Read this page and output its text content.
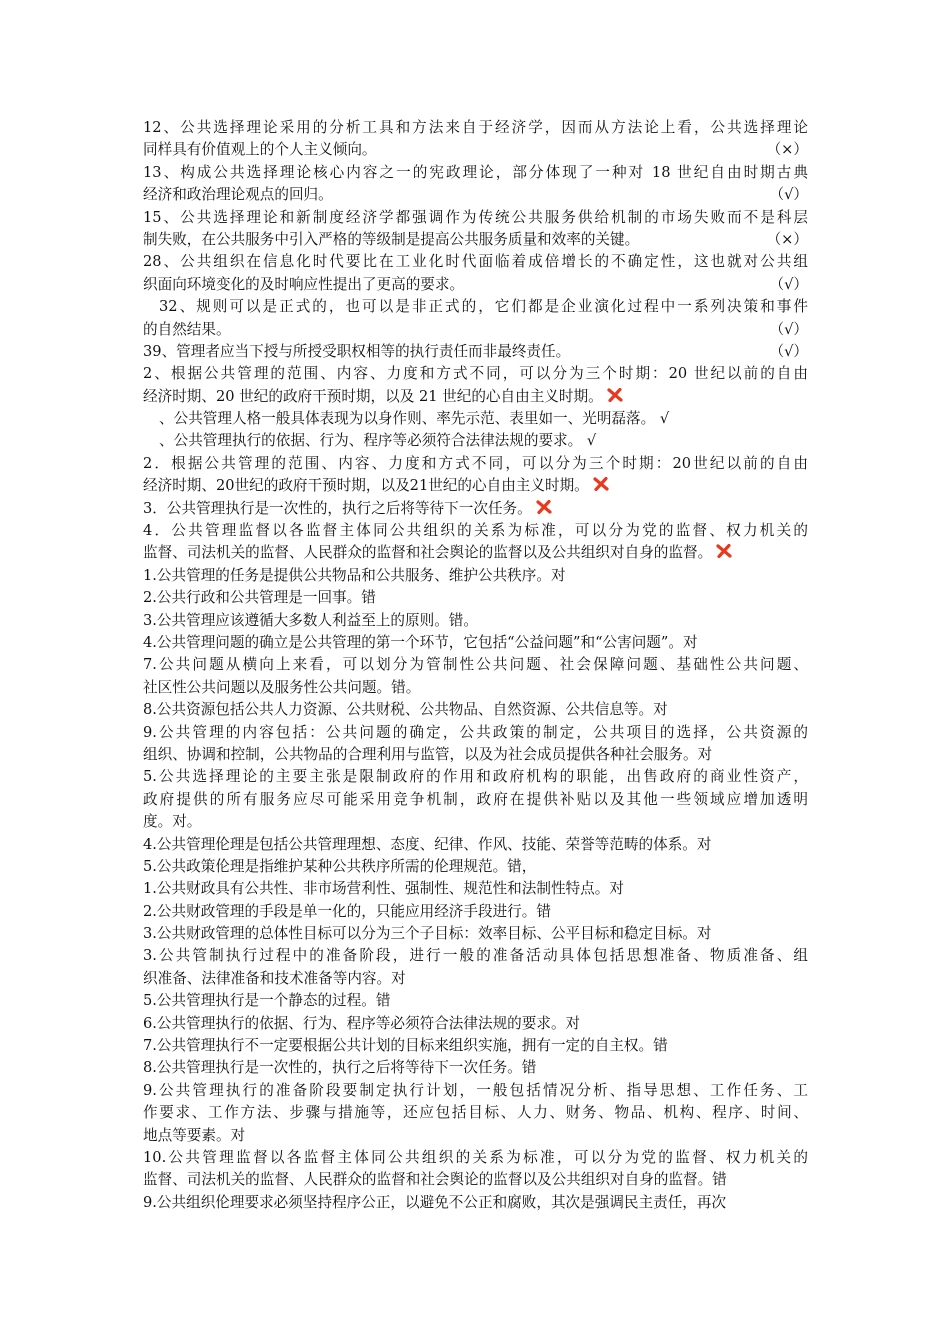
12、公共选择理论采用的分析工具和方法来自于经济学，因而从方法论上看，公共选择理论
同样具有价值观上的个人主义倾向。	（×）
13、构成公共选择理论核心内容之一的宪政理论，部分体现了一种对 18 世纪自由时期古典
经济和政治理论观点的回归。	（√）
15、公共选择理论和新制度经济学都强调作为传统公共服务供给机制的市场失败而不是科层
制失败，在公共服务中引入严格的等级制是提高公共服务质量和效率的关键。	（×）
28、公共组织在信息化时代要比在工业化时代面临着成倍增长的不确定性，这也就对公共组
织面向环境变化的及时响应性提出了更高的要求。	（√）
32、规则可以是正式的，也可以是非正式的，它们都是企业演化过程中一系列决策和事件
的自然结果。	（√）
39、管理者应当下授与所授受职权相等的执行责任而非最终责任。	（√）
2、根据公共管理的范围、内容、力度和方式不同，可以分为三个时期：20 世纪以前的自由
经济时期、20 世纪的政府干预时期，以及 21 世纪的心自由主义时期。
、公共管理人格一般具体表现为以身作则、率先示范、表里如一、光明磊落。 √
、公共管理执行的依据、行为、程序等必须符合法律法规的要求。 √
2．根据公共管理的范围、内容、力度和方式不同，可以分为三个时期：20世纪以前的自由
经济时期、20世纪的政府干预时期，以及21世纪的心自由主义时期。
3．公共管理执行是一次性的，执行之后将等待下一次任务。
4．公共管理监督以各监督主体同公共组织的关系为标准，可以分为党的监督、权力机关的
监督、司法机关的监督、人民群众的监督和社会舆论的监督以及公共组织对自身的监督。
1.公共管理的任务是提供公共物品和公共服务、维护公共秩序。对
2.公共行政和公共管理是一回事。错
3.公共管理应该遵循大多数人利益至上的原则。错。
4.公共管理问题的确立是公共管理的第一个环节，它包括“公益问题”和“公害问题”。对
7.公共问题从横向上来看，可以划分为管制性公共问题、社会保障问题、基础性公共问题、
社区性公共问题以及服务性公共问题。错。
8.公共资源包括公共人力资源、公共财税、公共物品、自然资源、公共信息等。对
9.公共管理的内容包括：公共问题的确定，公共政策的制定，公共项目的选择，公共资源的
组织、协调和控制，公共物品的合理利用与监管，以及为社会成员提供各种社会服务。对
5.公共选择理论的主要主张是限制政府的作用和政府机构的职能，出售政府的商业性资产，
政府提供的所有服务应尽可能采用竞争机制，政府在提供补贴以及其他一些领域应增加透明
度。对。
4.公共管理伦理是包括公共管理理想、态度、纪律、作风、技能、荣誉等范畴的体系。对
5.公共政策伦理是指维护某种公共秩序所需的伦理规范。错，
1.公共财政具有公共性、非市场营利性、强制性、规范性和法制性特点。对
2.公共财政管理的手段是单一化的，只能应用经济手段进行。错
3.公共财政管理的总体性目标可以分为三个子目标：效率目标、公平目标和稳定目标。对
3.公共管制执行过程中的准备阶段，进行一般的准备活动具体包括思想准备、物质准备、组
织准备、法律准备和技术准备等内容。对
5.公共管理执行是一个静态的过程。错
6.公共管理执行的依据、行为、程序等必须符合法律法规的要求。对
7.公共管理执行不一定要根据公共计划的目标来组织实施，拥有一定的自主权。错
8.公共管理执行是一次性的，执行之后将等待下一次任务。错
9.公共管理执行的准备阶段要制定执行计划，一般包括情况分析、指导思想、工作任务、工
作要求、工作方法、步骤与措施等，还应包括目标、人力、财务、物品、机构、程序、时间、
地点等要素。对
10.公共管理监督以各监督主体同公共组织的关系为标准，可以分为党的监督、权力机关的
监督、司法机关的监督、人民群众的监督和社会舆论的监督以及公共组织对自身的监督。错
9.公共组织伦理要求必须坚持程序公正，以避免不公正和腐败，其次是强调民主责任，再次
